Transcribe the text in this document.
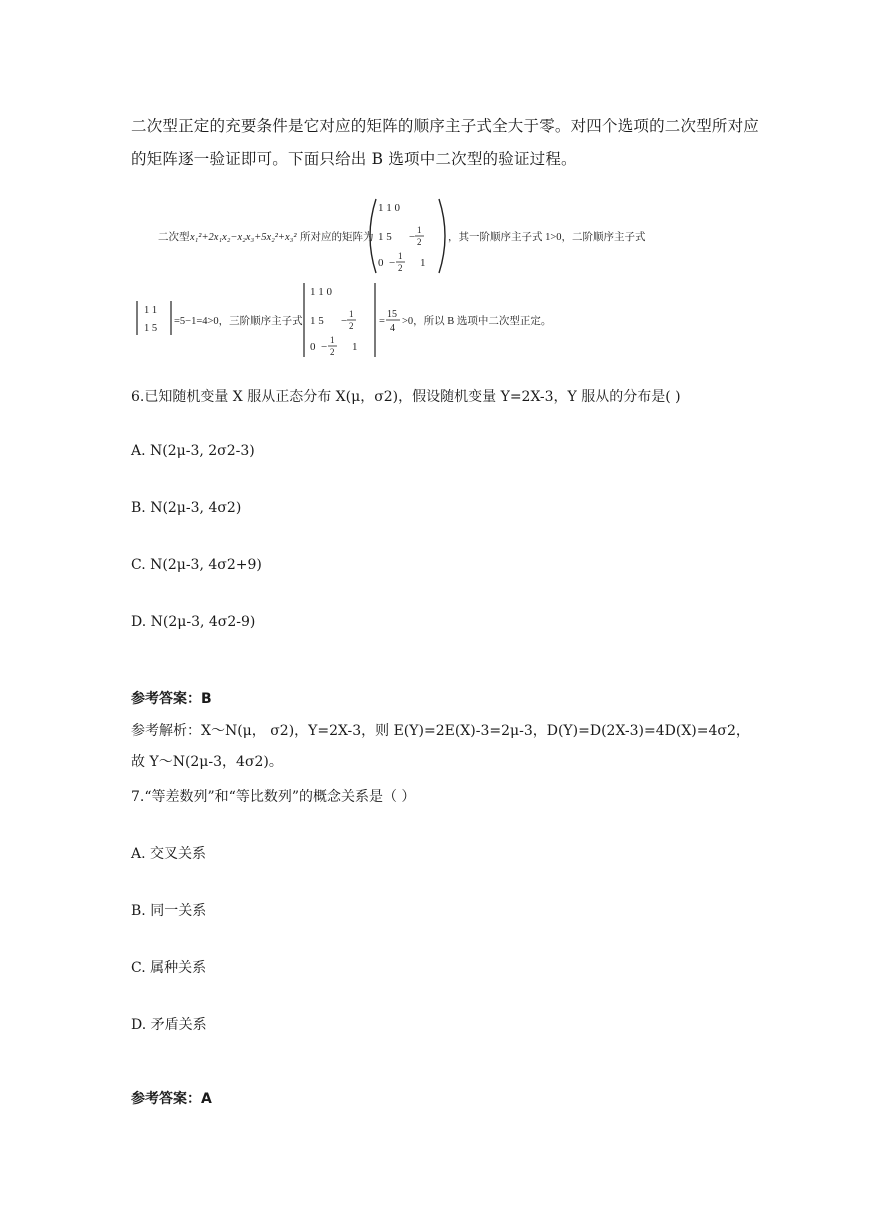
二次型正定的充要条件是它对应的矩阵的顺序主子式全大于零。对四个选项的二次型所对应
的矩阵逐一验证即可。下面只给出 B 选项中二次型的验证过程。
二次型 x₁²+2x₁x₂−x₂x₃+5x₂²+x₃² 所对应的矩阵为
1 1 0
1 5
1
2
−
0 −
1
2 1
，其一阶顺序主子式 1>0，二阶顺序主子式
1 1
1 5
=5−1=4>0，三阶顺序主子式
1 1 0
1 5 −
1
2
0 −
1
2 1
=
15
4
>0，所以 B 选项中二次型正定。
6.已知随机变量 X 服从正态分布 X(μ，σ2)，假设随机变量 Y=2X-3，Y 服从的分布是( )
A. N(2μ-3, 2σ2-3)
B. N(2μ-3, 4σ2)
C. N(2μ-3, 4σ2+9)
D. N(2μ-3, 4σ2-9)
参考答案：B
参考解析：X～N(μ， σ2)，Y=2X-3，则 E(Y)=2E(X)-3=2μ-3，D(Y)=D(2X-3)=4D(X)=4σ2，
故 Y～N(2μ-3，4σ2)。
7.“等差数列”和“等比数列”的概念关系是（ ）
A. 交叉关系
B. 同一关系
C. 属种关系
D. 矛盾关系
参考答案：A
